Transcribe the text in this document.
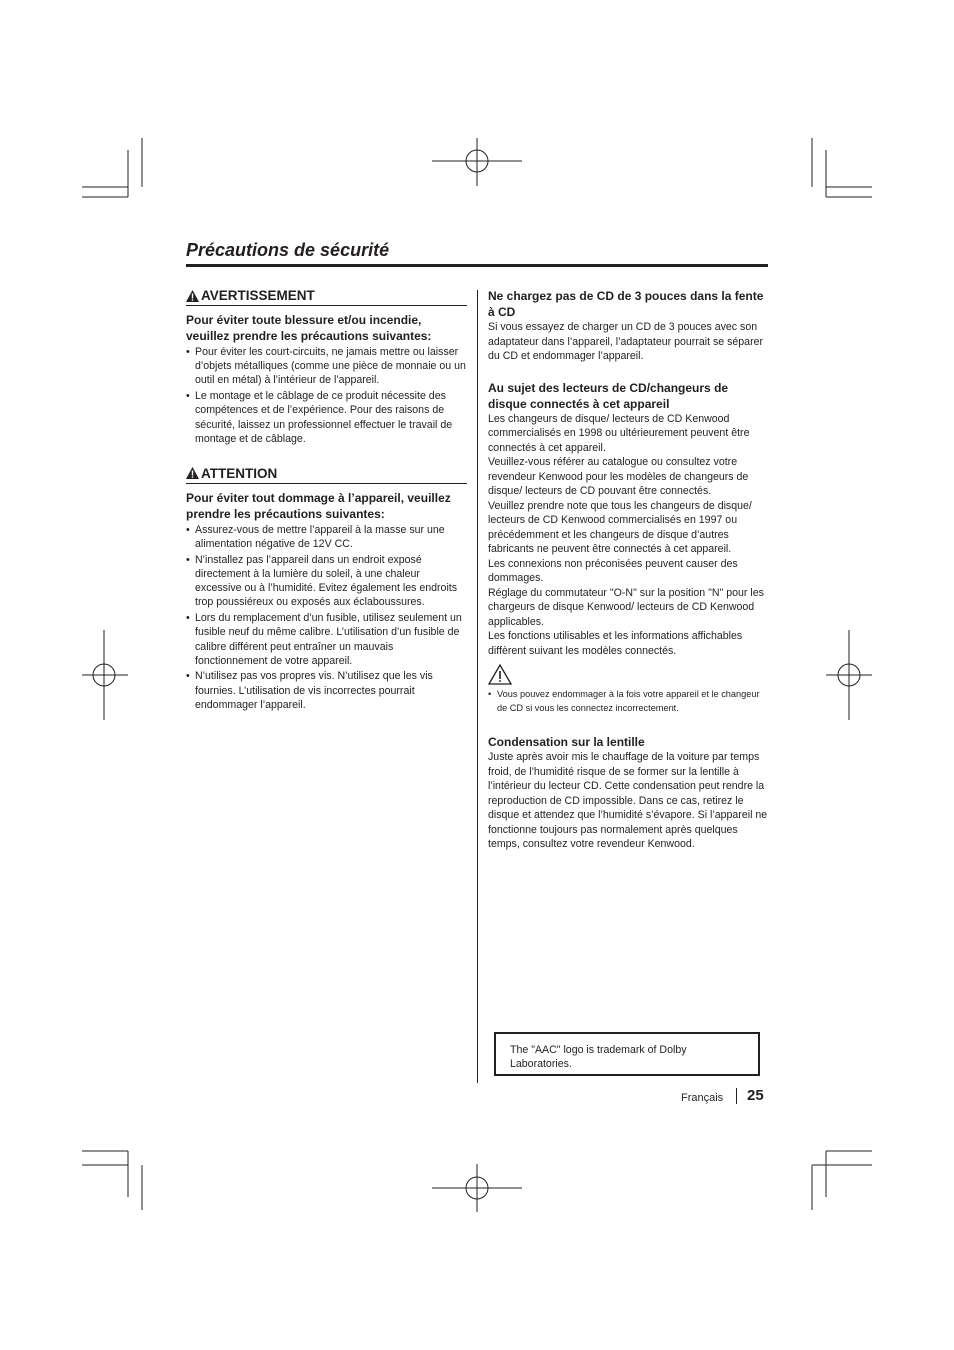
Précautions de sécurité
AVERTISSEMENT

Pour éviter toute blessure et/ou incendie, veuillez prendre les précautions suivantes:

• Pour éviter les court-circuits, ne jamais mettre ou laisser d’objets métalliques (comme une pièce de monnaie ou un outil en métal) à l’intérieur de l’appareil.
• Le montage et le câblage de ce produit nécessite des compétences et de l’expérience. Pour des raisons de sécurité, laissez un professionnel effectuer le travail de montage et de câblage.
ATTENTION

Pour éviter tout dommage à l’appareil, veuillez prendre les précautions suivantes:

• Assurez-vous de mettre l’appareil à la masse sur une alimentation négative de 12V CC.
• N’installez pas l’appareil dans un endroit exposé directement à la lumière du soleil, à une chaleur excessive ou à l’humidité. Evitez également les endroits trop poussiéreux ou exposés aux éclaboussures.
• Lors du remplacement d’un fusible, utilisez seulement un fusible neuf du même calibre. L’utilisation d’un fusible de calibre différent peut entraîner un mauvais fonctionnement de votre appareil.
• N’utilisez pas vos propres vis. N’utilisez que les vis fournies. L’utilisation de vis incorrectes pourrait endommager l’appareil.

Ne chargez pas de CD de 3 pouces dans la fente à CD

Si vous essayez de charger un CD de 3 pouces avec son adaptateur dans l’appareil, l’adaptateur pourrait se séparer du CD et endommager l’appareil.

Au sujet des lecteurs de CD/changeurs de disque connectés à cet appareil

Les changeurs de disque/ lecteurs de CD Kenwood commercialisés en 1998 ou ultérieurement peuvent être connectés à cet appareil.

Veuillez-vous référer au catalogue ou consultez votre revendeur Kenwood pour les modèles de changeurs de disque/ lecteurs de CD pouvant être connectés.

Veuillez prendre note que tous les changeurs de disque/ lecteurs de CD Kenwood commercialisés en 1997 ou précédemment et les changeurs de disque d’autres fabricants ne peuvent être connectés à cet appareil.

Les connexions non préconisées peuvent causer des dommages.

Réglage du commutateur "O-N" sur la position "N" pour les chargeurs de disque Kenwood/ lecteurs de CD Kenwood applicables.

Les fonctions utilisables et les informations affichables diffèrent suivant les modèles connectés.

• Vous pouvez endommager à la fois votre appareil et le changeur de CD si vous les connectez incorrectement.

Condensation sur la lentille

Juste après avoir mis le chauffage de la voiture par temps froid, de l’humidité risque de se former sur la lentille à l’intérieur du lecteur CD. Cette condensation peut rendre la reproduction de CD impossible. Dans ce cas, retirez le disque et attendez que l’humidité s’évapore. Si l’appareil ne fonctionne toujours pas normalement après quelques temps, consultez votre revendeur Kenwood.

The "AAC" logo is trademark of Dolby Laboratories.
Français 25
